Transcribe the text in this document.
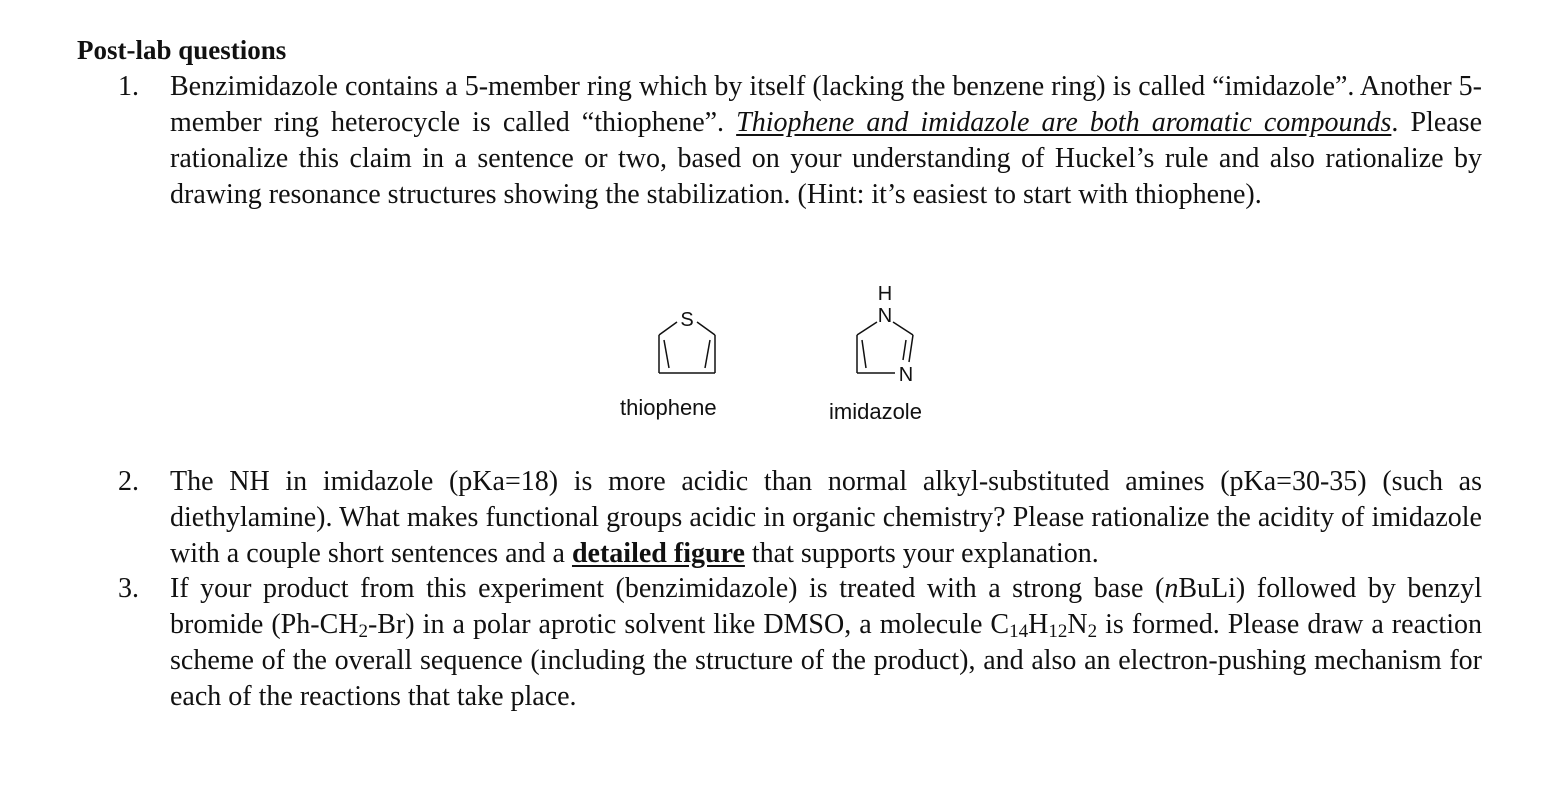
Post-lab questions
1.	Benzimidazole contains a 5-member ring which by itself (lacking the benzene ring) is called “imidazole”. Another 5-member ring heterocycle is called “thiophene”. Thiophene and imidazole are both aromatic compounds. Please rationalize this claim in a sentence or two, based on your understanding of Huckel’s rule and also rationalize by drawing resonance structures showing the stabilization. (Hint: it’s easiest to start with thiophene).
S
H
N
N
thiophene	imidazole
2.	The NH in imidazole (pKa=18) is more acidic than normal alkyl-substituted amines (pKa=30-35) (such as diethylamine). What makes functional groups acidic in organic chemistry? Please rationalize the acidity of imidazole with a couple short sentences and a detailed figure that supports your explanation.
3.	If your product from this experiment (benzimidazole) is treated with a strong base (nBuLi) followed by benzyl bromide $(Ph-CH_2-Br)$ in a polar aprotic solvent like DMSO, a molecule $C_{14}H_{12}N_2$ is formed. Please draw a reaction scheme of the overall sequence (including the structure of the product), and also an electron-pushing mechanism for each of the reactions that take place.
